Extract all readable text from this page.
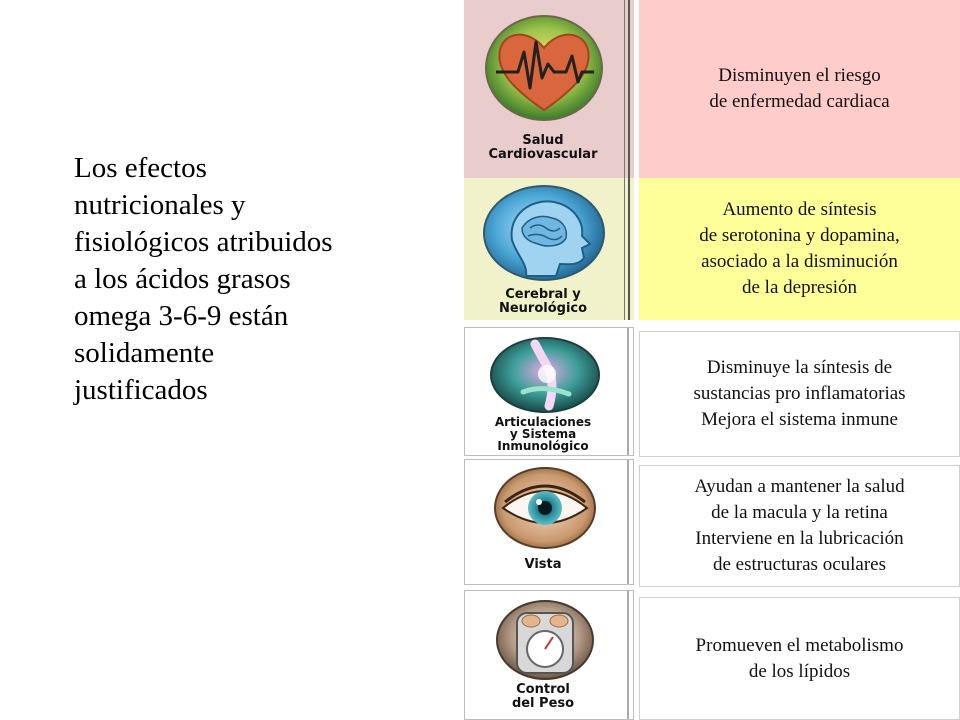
Los efectos

nutricionales y

fisiológicos atribuidos

a los ácidos grasos

omega 3-6-9 están

solidamente

justificados

Salud
Cardiovascular

Disminuyen el riesgo
de enfermedad cardiaca

Cerebral y
Neurológico

Aumento de síntesis
de serotonina y dopamina,
asociado a la disminución
de la depresión

Articulaciones
y Sistema
Inmunológico

Disminuye la síntesis de
sustancias pro inflamatorias
Mejora el sistema inmune

Vista

Ayudan a mantener la salud
de la macula y la retina
Interviene en la lubricación
de estructuras oculares

Control
del Peso

Promueven el metabolismo
de los lípidos
